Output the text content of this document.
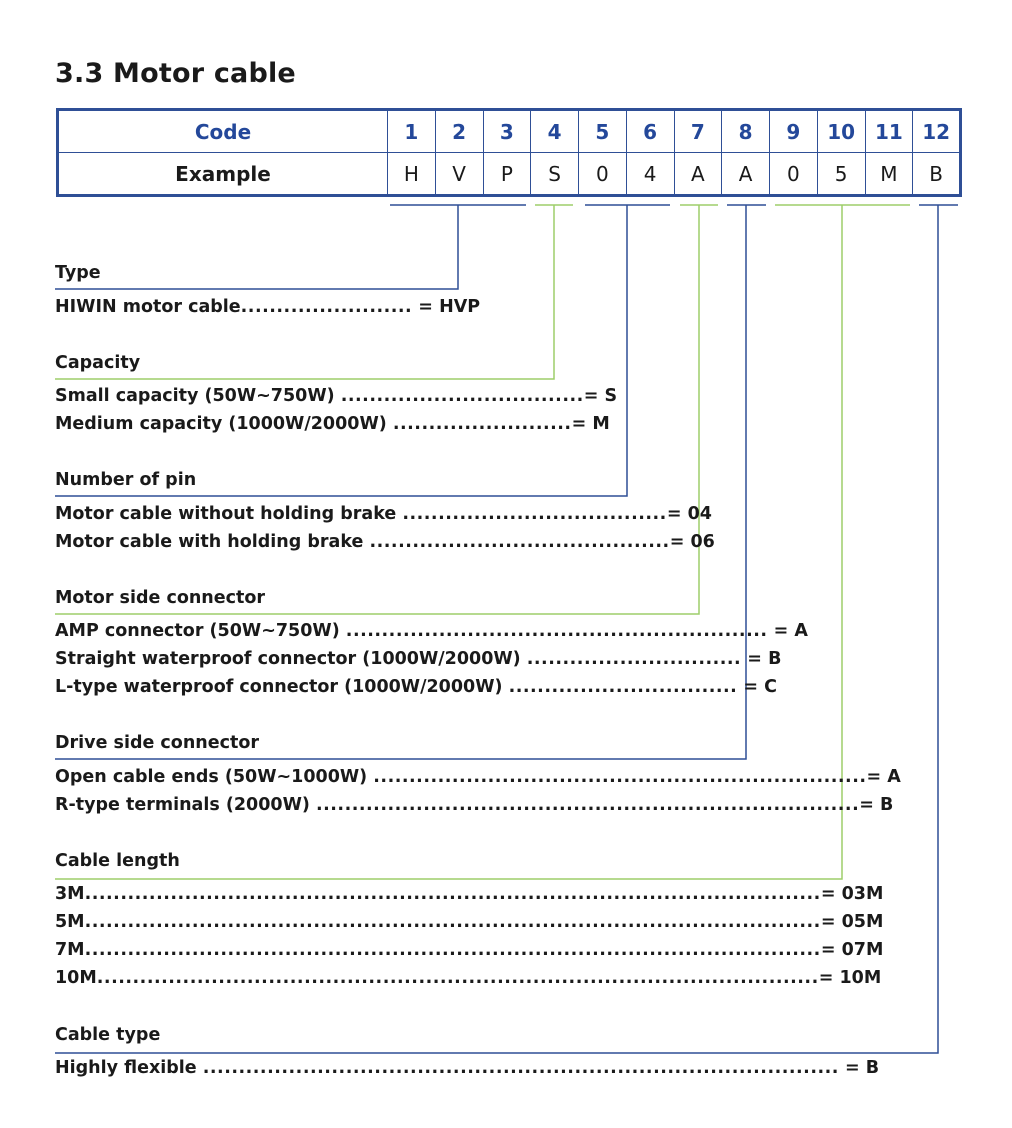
3.3 Motor cable
Code	1	2	3	4	5	6	7	8	9	10	11	12
Example	H	V	P	S	0	4	A	A	0	5	M	B
Type
HIWIN motor cable........................ = HVP
Capacity
Small capacity (50W~750W) ..................................= S
Medium capacity (1000W/2000W) .........................= M
Number of pin
Motor cable without holding brake .....................................= 04
Motor cable with holding brake ..........................................= 06
Motor side connector
AMP connector (50W~750W) ........................................................... = A
Straight waterproof connector (1000W/2000W) .............................. = B
L-type waterproof connector (1000W/2000W) ................................ = C
Drive side connector
Open cable ends (50W~1000W) .....................................................................= A
R-type terminals (2000W) ............................................................................= B
Cable length
3M.......................................................................................................= 03M
5M.......................................................................................................= 05M
7M.......................................................................................................= 07M
10M.....................................................................................................= 10M
Cable type
Highly flexible ......................................................................................... = B
